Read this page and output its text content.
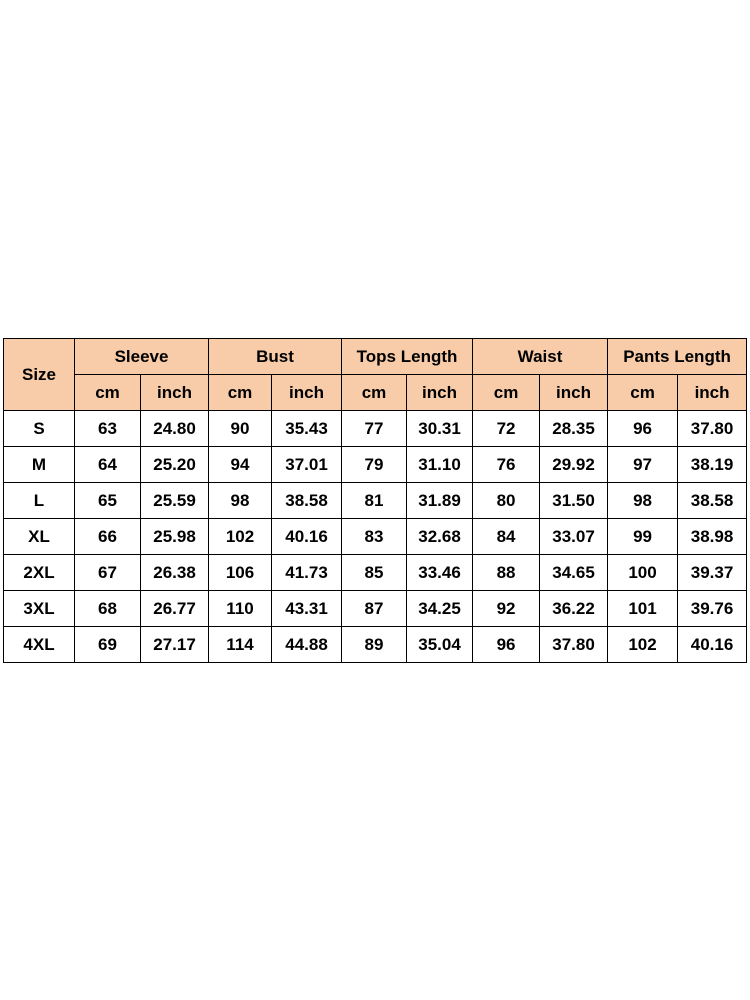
Size	Sleeve		Bust		Tops Length		Waist		Pants Length	
	cm	inch	cm	inch	cm	inch	cm	inch	cm	inch
S	63	24.80	90	35.43	77	30.31	72	28.35	96	37.80
M	64	25.20	94	37.01	79	31.10	76	29.92	97	38.19
L	65	25.59	98	38.58	81	31.89	80	31.50	98	38.58
XL	66	25.98	102	40.16	83	32.68	84	33.07	99	38.98
2XL	67	26.38	106	41.73	85	33.46	88	34.65	100	39.37
3XL	68	26.77	110	43.31	87	34.25	92	36.22	101	39.76
4XL	69	27.17	114	44.88	89	35.04	96	37.80	102	40.16
